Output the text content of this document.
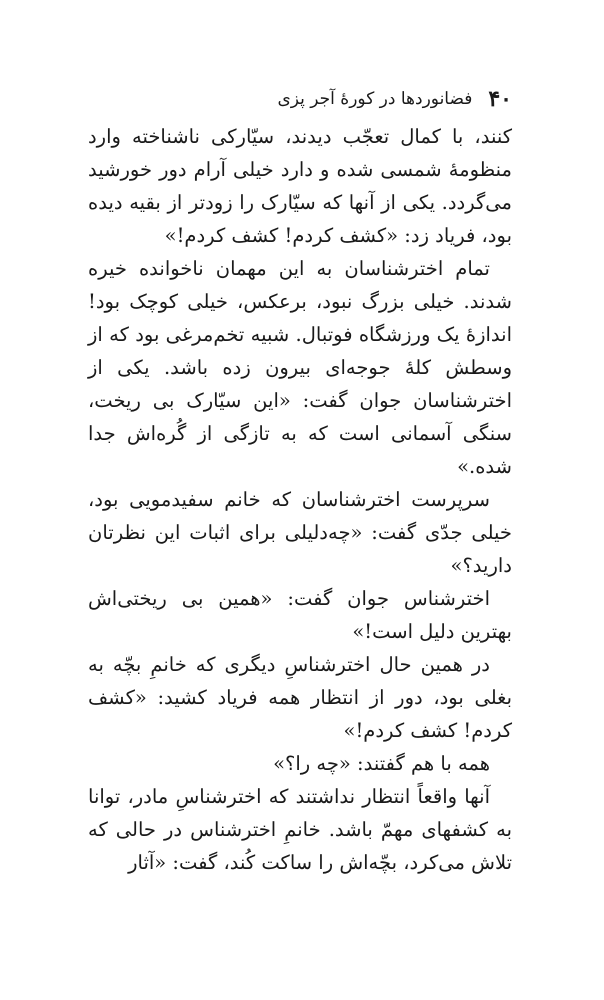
۴۰
فضانوردها در کورهٔ آجر پزی

کنند، با کمال تعجّب دیدند، سیّارکی ناشناخته وارد منظومهٔ شمسی شده و دارد خیلی آرام دور خورشید می‌گردد. یکی از آنها که سیّارک را زودتر از بقیه دیده بود، فریاد زد: «کشف کردم! کشف کردم!»

تمام اخترشناسان به این مهمان ناخوانده خیره شدند. خیلی بزرگ نبود، برعکس، خیلی کوچک بود! اندازهٔ یک ورزشگاه فوتبال. شبیه تخم‌مرغی بود که از وسطش کلهٔ جوجه‌ای بیرون زده باشد. یکی از اخترشناسان جوان گفت: «این سیّارک بی ریخت، سنگی آسمانی است که به تازگی از گُره‌اش جدا شده.»

سرپرست اخترشناسان که خانم سفیدمویی بود، خیلی جدّی گفت: «چه‌دلیلی برای اثبات این نظرتان دارید؟»

اخترشناس جوان گفت: «همین بی ریختی‌اش بهترین دلیل است!»

در همین حال اخترشناسِ دیگری که خانمِ بچّه به بغلی بود، دور از انتظار همه فریاد کشید: «کشف کردم! کشف کردم!»

همه با هم گفتند: «چه را؟»

آنها واقعاً انتظار نداشتند که اخترشناسِ مادر، توانا به کشفهای مهمّ باشد. خانمِ اخترشناس در حالی که تلاش می‌کرد، بچّه‌اش را ساکت کُند، گفت: «آثار
